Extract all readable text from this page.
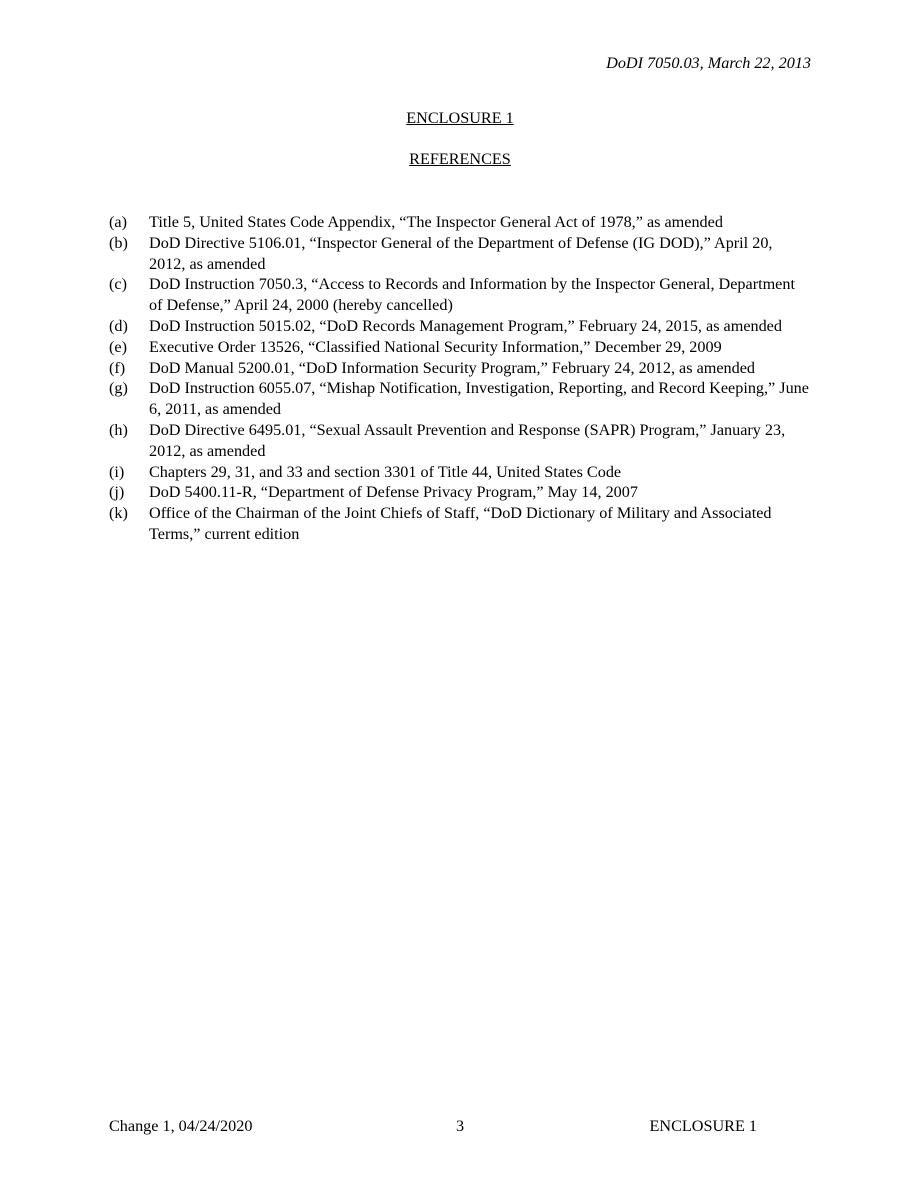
DoDI 7050.03, March 22, 2013
ENCLOSURE 1
REFERENCES
(a)	Title 5, United States Code Appendix, “The Inspector General Act of 1978,” as amended
(b)	DoD Directive 5106.01, “Inspector General of the Department of Defense (IG DOD),” April 20, 2012, as amended
(c)	DoD Instruction 7050.3, “Access to Records and Information by the Inspector General, Department of Defense,” April 24, 2000 (hereby cancelled)
(d)	DoD Instruction 5015.02, “DoD Records Management Program,” February 24, 2015, as amended
(e)	Executive Order 13526, “Classified National Security Information,” December 29, 2009
(f)	DoD Manual 5200.01, “DoD Information Security Program,” February 24, 2012, as amended
(g)	DoD Instruction 6055.07, “Mishap Notification, Investigation, Reporting, and Record Keeping,” June 6, 2011, as amended
(h)	DoD Directive 6495.01, “Sexual Assault Prevention and Response (SAPR) Program,” January 23, 2012, as amended
(i)	Chapters 29, 31, and 33 and section 3301 of Title 44, United States Code
(j)	DoD 5400.11-R, “Department of Defense Privacy Program,” May 14, 2007
(k)	Office of the Chairman of the Joint Chiefs of Staff, “DoD Dictionary of Military and Associated Terms,” current edition
Change 1, 04/24/2020	3	ENCLOSURE 1
